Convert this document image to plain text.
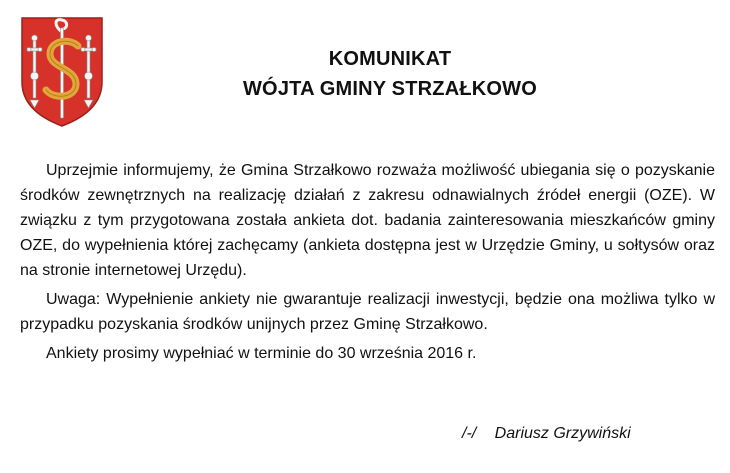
KOMUNIKAT
WÓJTA GMINY STRZAŁKOWO

Uprzejmie informujemy, że Gmina Strzałkowo rozważa możliwość ubiegania się o pozyskanie środków zewnętrznych na realizację działań z zakresu odnawialnych źródeł energii (OZE). W związku z tym przygotowana została ankieta dot. badania zainteresowania mieszkańców gminy OZE, do wypełnienia której zachęcamy (ankieta dostępna jest w Urzędzie Gminy, u sołtysów oraz na stronie internetowej Urzędu).

Uwaga: Wypełnienie ankiety nie gwarantuje realizacji inwestycji, będzie ona możliwa tylko w przypadku pozyskania środków unijnych przez Gminę Strzałkowo.

Ankiety prosimy wypełniać w terminie do 30 września 2016 r.

/-/ Dariusz Grzywiński
